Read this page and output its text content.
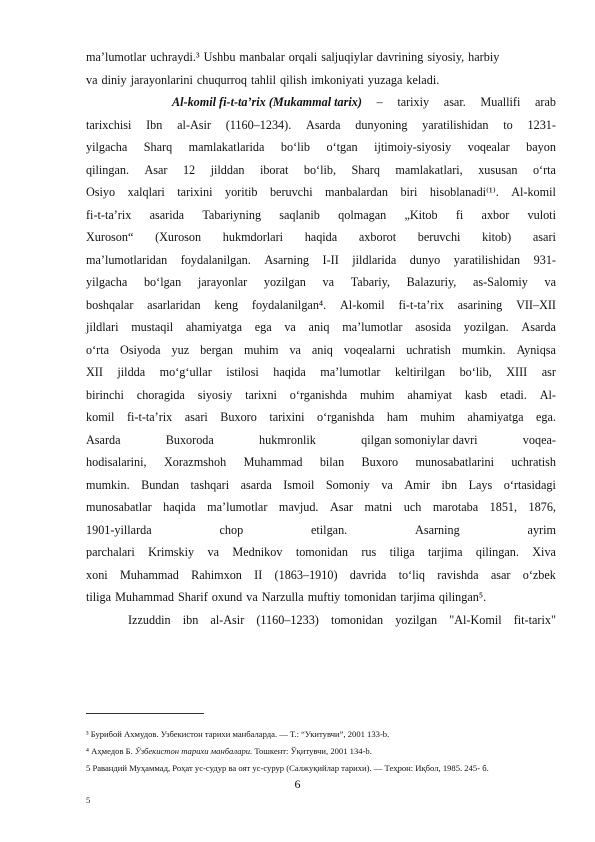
ma’lumotlar uchraydi.³ Ushbu manbalar orqali saljuqiylar davrining siyosiy, harbiy
va diniy jarayonlarini chuqurroq tahlil qilish imkoniyati yuzaga keladi.
Al-komil fi-t-ta’rix (Mukammal tarix) – tarixiy asar. Muallifi arab
tarixchisi Ibn al-Asir (1160–1234). Asarda dunyoning yaratilishidan to 1231-
yilgacha Sharq mamlakatlarida bo‘lib o‘tgan ijtimoiy-siyosiy voqealar bayon
qilingan. Asar 12 jilddan iborat bo‘lib, Sharq mamlakatlari, xususan o‘rta
Osiyo xalqlari tarixini yoritib beruvchi manbalardan biri hisoblanadi⁽¹⁾. Al-komil
fi-t-ta’rix asarida Tabariyning saqlanib qolmagan „Kitob fi axbor vuloti
Xuroson“ (Xuroson hukmdorlari haqida axborot beruvchi kitob) asari
ma’lumotlaridan foydalanilgan. Asarning I-II jildlarida dunyo yaratilishidan 931-
yilgacha bo‘lgan jarayonlar yozilgan va Tabariy, Balazuriy, as-Salomiy va
boshqalar asarlaridan keng foydalanilgan⁴. Al-komil fi-t-ta’rix asarining VII–XII
jildlari mustaqil ahamiyatga ega va aniq ma’lumotlar asosida yozilgan. Asarda
o‘rta Osiyoda yuz bergan muhim va aniq voqealarni uchratish mumkin. Ayniqsa
XII jildda mo‘g‘ullar istilosi haqida ma’lumotlar keltirilgan bo‘lib, XIII asr
birinchi choragida siyosiy tarixni o‘rganishda muhim ahamiyat kasb etadi. Al-
komil fi-t-ta’rix asari Buxoro tarixini o‘rganishda ham muhim ahamiyatga ega.
Asarda	Buxoroda	hukmronlik	qilgan somoniylar davri	voqea-
hodisalarini, Xorazmshoh Muhammad bilan Buxoro munosabatlarini uchratish
mumkin. Bundan tashqari asarda Ismoil Somoniy va Amir ibn Lays o‘rtasidagi
munosabatlar haqida ma’lumotlar mavjud. Asar matni uch marotaba 1851, 1876,
1901-yillarda	chop	etilgan.	Asarning	ayrim
parchalari Krimskiy va Mednikov tomonidan rus tiliga tarjima qilingan. Xiva
xoni Muhammad Rahimxon II (1863–1910) davrida to‘liq ravishda asar o‘zbek
tiliga Muhammad Sharif oxund va Narzulla muftiy tomonidan tarjima qilingan⁵.
Izzuddin ibn al-Asir (1160–1233) tomonidan yozilgan "Al-Komil fit-tarix"
³ Бурибой Ахмудов. Узбекистон тарихи манбаларда. — Т.: “Укитувчи”, 2001 133-b.
⁴ Аҳмедов Б. Ўзбекистон тарихи манбалари. Тошкент: Ўқитувчи, 2001 134-b.
5 Равандий Муҳаммад, Роҳат ус-судур ва оят ус-сурур (Салжуқийлар тарихи). — Теҳрон: Иқбол, 1985. 245- б.
5
6
